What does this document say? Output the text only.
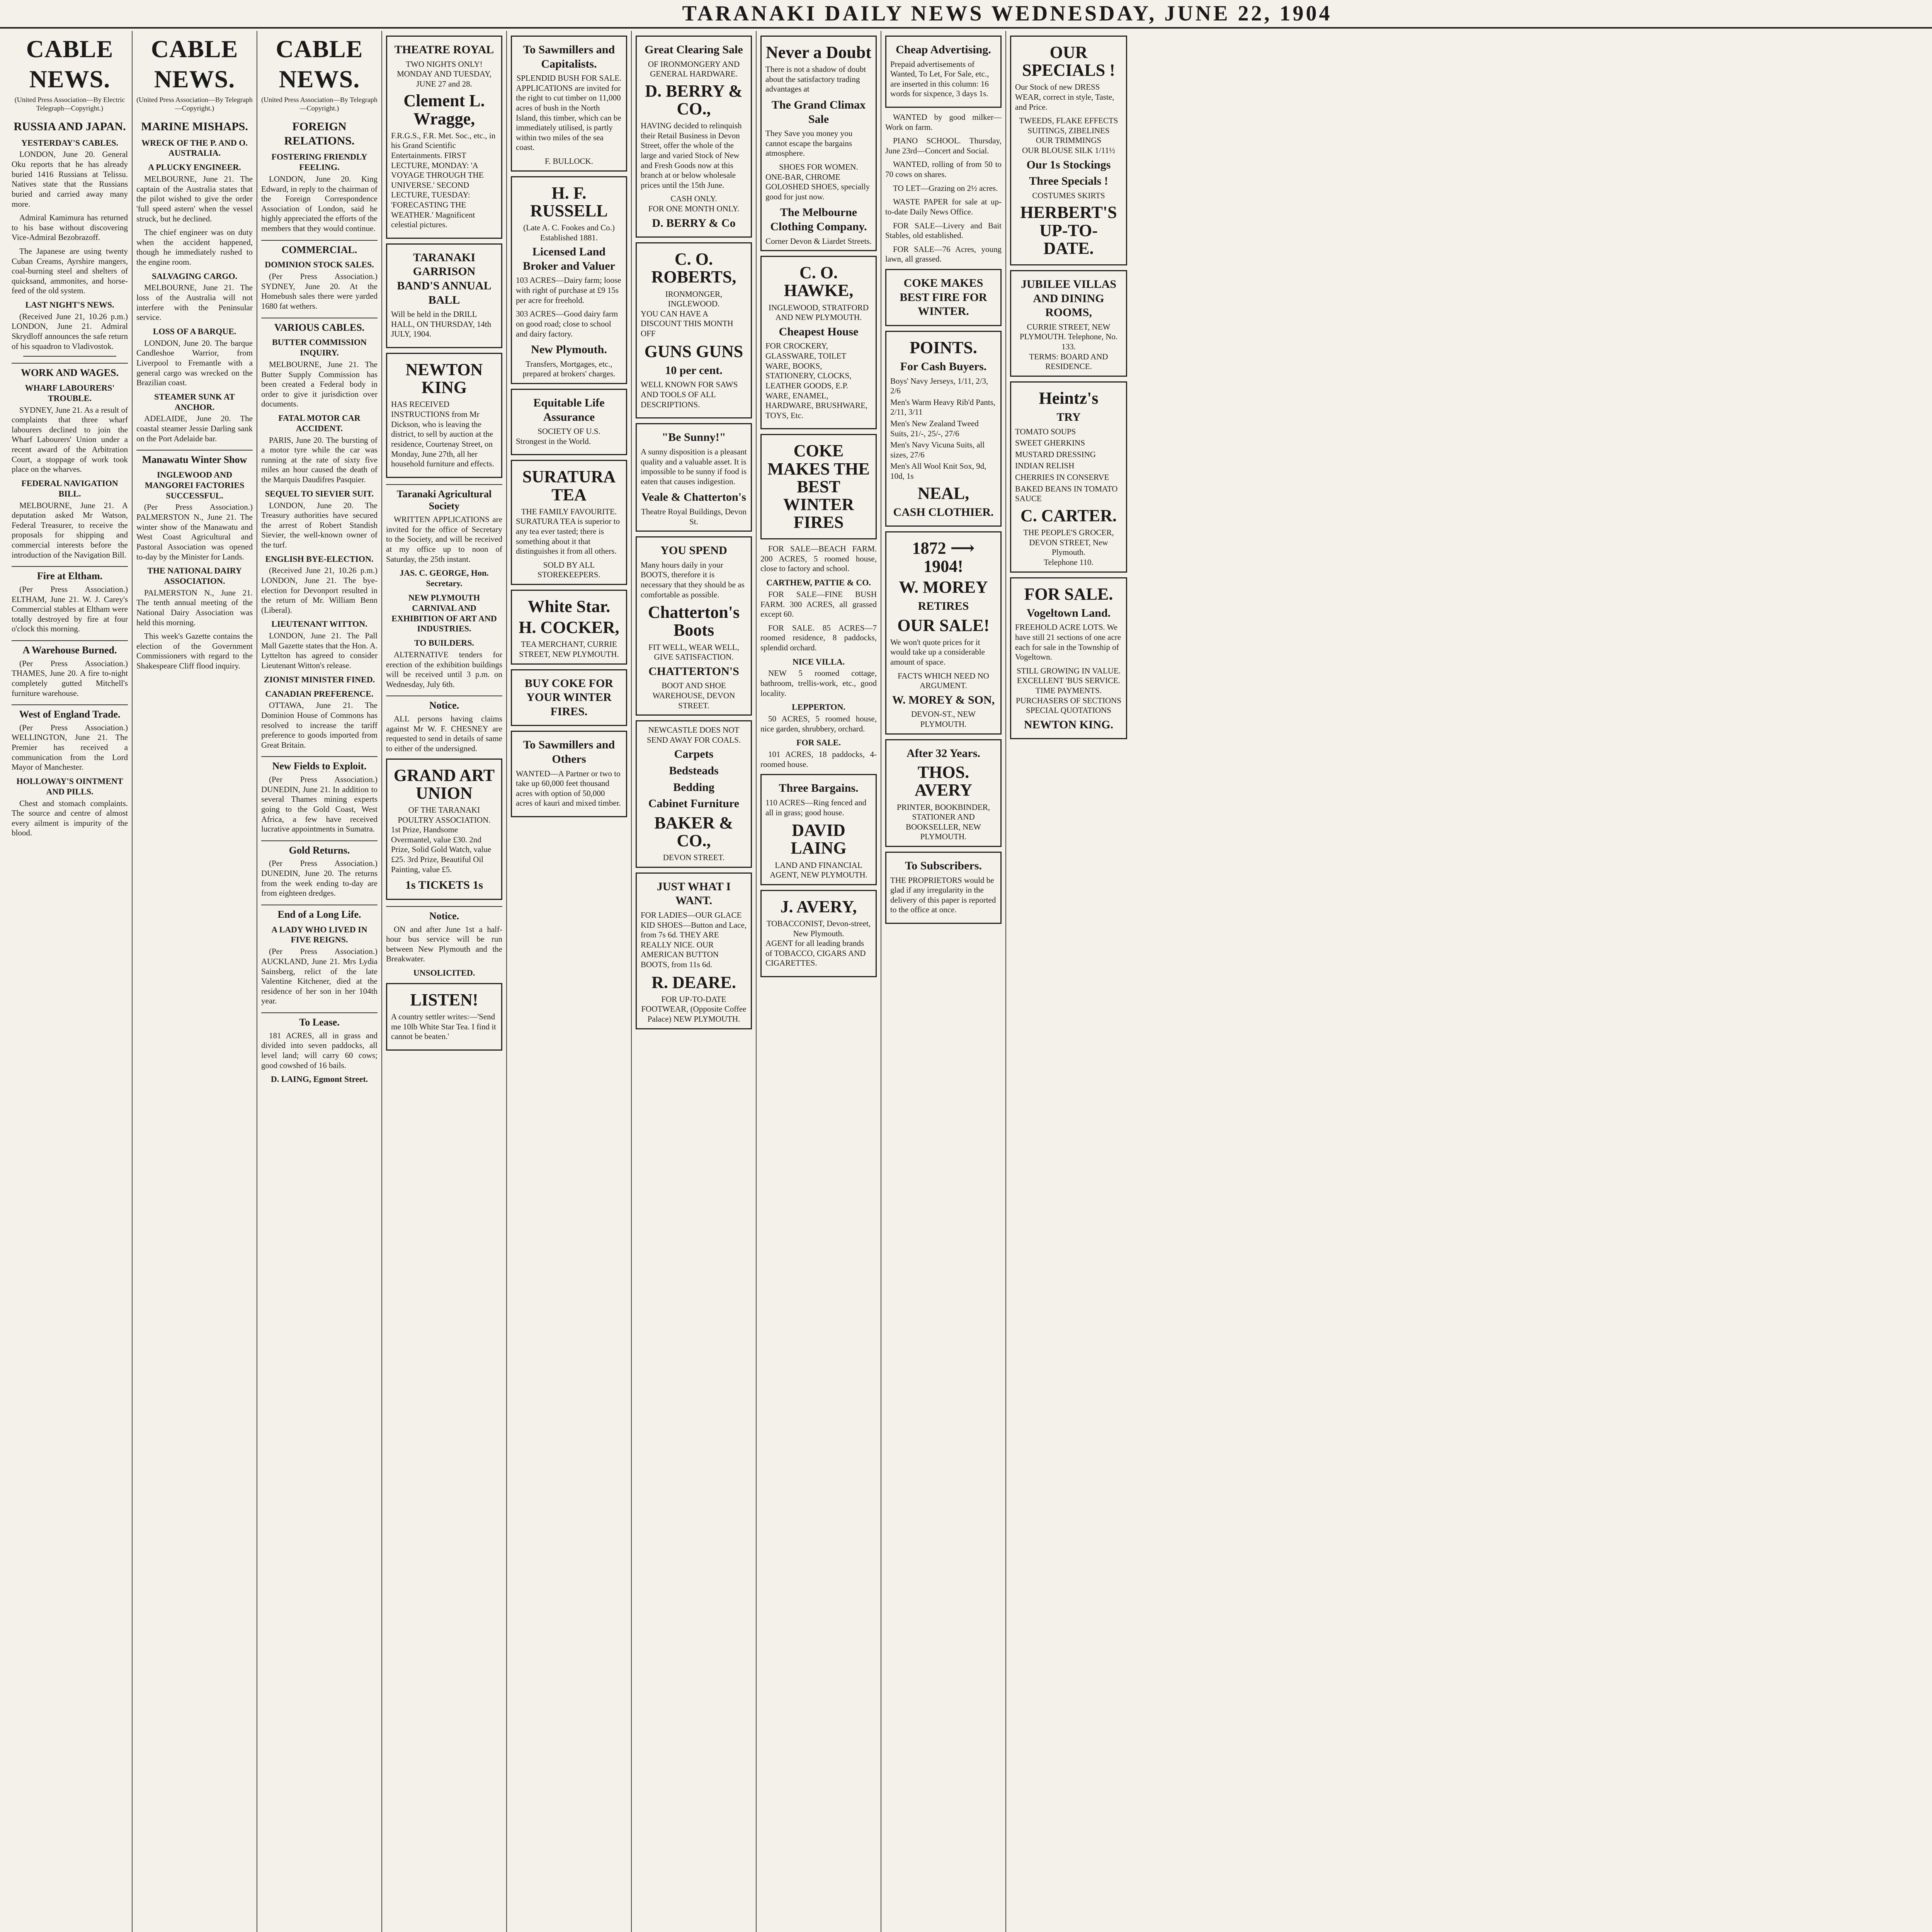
TARANAKI DAILY NEWS WEDNESDAY, JUNE 22, 1904
CABLE NEWS.
(United Press Association—By Electric Telegraph—Copyright.)
RUSSIA AND JAPAN.
YESTERDAY'S CABLES.

LONDON, June 20. General Oku reports that he has already buried 1416 Russians at Telissu. Natives state that the Russians buried and carried away many more.

Admiral Kamimura has returned to his base without discovering Vice-Admiral Bezobrazoff.

The Japanese are using twenty Cuban Creams, Ayrshire mangers, coal-burning steel and shelters of quicksand, ammonites, and horse-feed of the old system.

LAST NIGHT'S NEWS.

(Received June 21, 10.26 p.m.) LONDON, June 21. Admiral Skrydloff announces the safe return of his squadron to Vladivostok.

WORK AND WAGES.
WHARF LABOURERS' TROUBLE.

SYDNEY, June 21. As a result of complaints that three wharf labourers declined to join the Wharf Labourers' Union under a recent award of the Arbitration Court, a stoppage of work took place on the wharves.

FEDERAL NAVIGATION BILL.

MELBOURNE, June 21. A deputation asked Mr Watson, Federal Treasurer, to receive the proposals for shipping and commercial interests before the introduction of the Navigation Bill.

Fire at Eltham.

(Per Press Association.) ELTHAM, June 21. W. J. Carey's Commercial stables at Eltham were totally destroyed by fire at four o'clock this morning.

A Warehouse Burned.

(Per Press Association.) THAMES, June 20. A fire to-night completely gutted Mitchell's furniture warehouse.

West of England Trade.

(Per Press Association.) WELLINGTON, June 21. The Premier has received a communication from the Lord Mayor of Manchester.

HOLLOWAY'S OINTMENT AND PILLS.

Chest and stomach complaints. The source and centre of almost every ailment is impurity of the blood.

CABLE NEWS.
(United Press Association—By Telegraph—Copyright.)
MARINE MISHAPS.
WRECK OF THE P. AND O. AUSTRALIA.
A PLUCKY ENGINEER.

MELBOURNE, June 21. The captain of the Australia states that the pilot wished to give the order 'full speed astern' when the vessel struck, but he declined.

The chief engineer was on duty when the accident happened, though he immediately rushed to the engine room.

SALVAGING CARGO.

MELBOURNE, June 21. The loss of the Australia will not interfere with the Peninsular service.

LOSS OF A BARQUE.

LONDON, June 20. The barque Candleshoe Warrior, from Liverpool to Fremantle with a general cargo was wrecked on the Brazilian coast.

STEAMER SUNK AT ANCHOR.

ADELAIDE, June 20. The coastal steamer Jessie Darling sank on the Port Adelaide bar.

Manawatu Winter Show
INGLEWOOD AND MANGOREI FACTORIES SUCCESSFUL.

(Per Press Association.) PALMERSTON N., June 21. The winter show of the Manawatu and West Coast Agricultural and Pastoral Association was opened to-day by the Minister for Lands.

THE NATIONAL DAIRY ASSOCIATION.

PALMERSTON N., June 21. The tenth annual meeting of the National Dairy Association was held this morning.

This week's Gazette contains the election of the Government Commissioners with regard to the Shakespeare Cliff flood inquiry.

CABLE NEWS.
(United Press Association—By Telegraph—Copyright.)
FOREIGN RELATIONS.
FOSTERING FRIENDLY FEELING.

LONDON, June 20. King Edward, in reply to the chairman of the Foreign Correspondence Association of London, said he highly appreciated the efforts of the members that they would continue.

COMMERCIAL.
DOMINION STOCK SALES.

(Per Press Association.) SYDNEY, June 20. At the Homebush sales there were yarded 1680 fat wethers.

VARIOUS CABLES.
BUTTER COMMISSION INQUIRY.

MELBOURNE, June 21. The Butter Supply Commission has been created a Federal body in order to give it jurisdiction over documents.

FATAL MOTOR CAR ACCIDENT.

PARIS, June 20. The bursting of a motor tyre while the car was running at the rate of sixty five miles an hour caused the death of the Marquis Daudifres Pasquier.

SEQUEL TO SIEVIER SUIT.

LONDON, June 20. The Treasury authorities have secured the arrest of Robert Standish Sievier, the well-known owner of the turf.

ENGLISH BYE-ELECTION.

(Received June 21, 10.26 p.m.) LONDON, June 21. The bye-election for Devonport resulted in the return of Mr. William Benn (Liberal).

LIEUTENANT WITTON.

LONDON, June 21. The Pall Mall Gazette states that the Hon. A. Lyttelton has agreed to consider Lieutenant Witton's release.

ZIONIST MINISTER FINED.
CANADIAN PREFERENCE.

OTTAWA, June 21. The Dominion House of Commons has resolved to increase the tariff preference to goods imported from Great Britain.

New Fields to Exploit.

(Per Press Association.) DUNEDIN, June 21. In addition to several Thames mining experts going to the Gold Coast, West Africa, a few have received lucrative appointments in Sumatra.

Gold Returns.

(Per Press Association.) DUNEDIN, June 20. The returns from the week ending to-day are from eighteen dredges.

End of a Long Life.
A LADY WHO LIVED IN FIVE REIGNS.

(Per Press Association.) AUCKLAND, June 21. Mrs Lydia Sainsberg, relict of the late Valentine Kitchener, died at the residence of her son in her 104th year.

To Lease.

181 ACRES, all in grass and divided into seven paddocks, all level land; will carry 60 cows; good cowshed of 16 bails.

D. LAING, Egmont Street.
THEATRE ROYAL
TWO NIGHTS ONLY! MONDAY AND TUESDAY, JUNE 27 and 28.
Clement L. Wragge,

F.R.G.S., F.R. Met. Soc., etc., in his Grand Scientific Entertainments. FIRST LECTURE, MONDAY: 'A VOYAGE THROUGH THE UNIVERSE.' SECOND LECTURE, TUESDAY: 'FORECASTING THE WEATHER.' Magnificent celestial pictures.

TARANAKI GARRISON BAND'S ANNUAL BALL

Will be held in the DRILL HALL, ON THURSDAY, 14th JULY, 1904.

NEWTON KING

HAS RECEIVED INSTRUCTIONS from Mr Dickson, who is leaving the district, to sell by auction at the residence, Courtenay Street, on Monday, June 27th, all her household furniture and effects.

Taranaki Agricultural Society

WRITTEN APPLICATIONS are invited for the office of Secretary to the Society, and will be received at my office up to noon of Saturday, the 25th instant.

JAS. C. GEORGE, Hon. Secretary.
NEW PLYMOUTH CARNIVAL AND EXHIBITION OF ART AND INDUSTRIES.
TO BUILDERS.

ALTERNATIVE tenders for erection of the exhibition buildings will be received until 3 p.m. on Wednesday, July 6th.

Notice.

ALL persons having claims against Mr W. F. CHESNEY are requested to send in details of same to either of the undersigned.

GRAND ART UNION
OF THE TARANAKI POULTRY ASSOCIATION.

1st Prize, Handsome Overmantel, value £30. 2nd Prize, Solid Gold Watch, value £25. 3rd Prize, Beautiful Oil Painting, value £5.

1s TICKETS 1s
Notice.

ON and after June 1st a half-hour bus service will be run between New Plymouth and the Breakwater.

UNSOLICITED.
LISTEN!

A country settler writes:—'Send me 10lb White Star Tea. I find it cannot be beaten.'

To Sawmillers and Capitalists.
SPLENDID BUSH FOR SALE.

APPLICATIONS are invited for the right to cut timber on 11,000 acres of bush in the North Island, this timber, which can be immediately utilised, is partly within two miles of the sea coast.

F. BULLOCK.
H. F. RUSSELL
(Late A. C. Fookes and Co.) Established 1881.
Licensed Land Broker and Valuer

103 ACRES—Dairy farm; loose with right of purchase at £9 15s per acre for freehold.

303 ACRES—Good dairy farm on good road; close to school and dairy factory.

New Plymouth.
Transfers, Mortgages, etc., prepared at brokers' charges.
Equitable Life Assurance
SOCIETY OF U.S.

Strongest in the World.

SURATURA TEA
THE FAMILY FAVOURITE.

SURATURA TEA is superior to any tea ever tasted; there is something about it that distinguishes it from all others.

SOLD BY ALL STOREKEEPERS.
White Star.
H. COCKER,
TEA MERCHANT, CURRIE STREET, NEW PLYMOUTH.
BUY COKE FOR YOUR WINTER FIRES.
To Sawmillers and Others

WANTED—A Partner or two to take up 60,000 feet thousand acres with option of 50,000 acres of kauri and mixed timber.

Great Clearing Sale
OF IRONMONGERY AND GENERAL HARDWARE.
D. BERRY & CO.,

HAVING decided to relinquish their Retail Business in Devon Street, offer the whole of the large and varied Stock of New and Fresh Goods now at this branch at or below wholesale prices until the 15th June.

CASH ONLY.
FOR ONE MONTH ONLY.
D. BERRY & Co
C. O. ROBERTS,
IRONMONGER, INGLEWOOD.

YOU CAN HAVE A DISCOUNT THIS MONTH OFF

GUNS GUNS
10 per cent.

WELL KNOWN FOR SAWS AND TOOLS OF ALL DESCRIPTIONS.

"Be Sunny!"

A sunny disposition is a pleasant quality and a valuable asset. It is impossible to be sunny if food is eaten that causes indigestion.

Veale & Chatterton's
Theatre Royal Buildings, Devon St.
YOU SPEND

Many hours daily in your BOOTS, therefore it is necessary that they should be as comfortable as possible.

Chatterton's Boots
FIT WELL, WEAR WELL, GIVE SATISFACTION.
CHATTERTON'S
BOOT AND SHOE WAREHOUSE, DEVON STREET.
NEWCASTLE DOES NOT SEND AWAY FOR COALS.
Carpets
Bedsteads
Bedding
Cabinet Furniture
BAKER & CO.,
DEVON STREET.
JUST WHAT I WANT.

FOR LADIES—OUR GLACE KID SHOES—Button and Lace, from 7s 6d. THEY ARE REALLY NICE. OUR AMERICAN BUTTON BOOTS, from 11s 6d.

R. DEARE.
FOR UP-TO-DATE FOOTWEAR, (Opposite Coffee Palace) NEW PLYMOUTH.
Never a Doubt

There is not a shadow of doubt about the satisfactory trading advantages at

The Grand Climax Sale

They Save you money you cannot escape the bargains atmosphere.

SHOES FOR WOMEN.

ONE-BAR, CHROME GOLOSHED SHOES, specially good for just now.

The Melbourne Clothing Company.
Corner Devon & Liardet Streets.
C. O. HAWKE,
INGLEWOOD, STRATFORD AND NEW PLYMOUTH.
Cheapest House

FOR CROCKERY, GLASSWARE, TOILET WARE, BOOKS, STATIONERY, CLOCKS, LEATHER GOODS, E.P. WARE, ENAMEL, HARDWARE, BRUSHWARE, TOYS, Etc.

COKE MAKES THE BEST WINTER FIRES

FOR SALE—BEACH FARM. 200 ACRES, 5 roomed house, close to factory and school.

CARTHEW, PATTIE & CO.

FOR SALE—FINE BUSH FARM. 300 ACRES, all grassed except 60.

FOR SALE. 85 ACRES—7 roomed residence, 8 paddocks, splendid orchard.

NICE VILLA.

NEW 5 roomed cottage, bathroom, trellis-work, etc., good locality.

LEPPERTON.

50 ACRES, 5 roomed house, nice garden, shrubbery, orchard.

FOR SALE.

101 ACRES, 18 paddocks, 4-roomed house.

Three Bargains.

110 ACRES—Ring fenced and all in grass; good house.

DAVID LAING
LAND AND FINANCIAL AGENT, NEW PLYMOUTH.
J. AVERY,
TOBACCONIST, Devon-street, New Plymouth.

AGENT for all leading brands of TOBACCO, CIGARS AND CIGARETTES.

Cheap Advertising.

Prepaid advertisements of Wanted, To Let, For Sale, etc., are inserted in this column: 16 words for sixpence, 3 days 1s.

WANTED by good milker—Work on farm.

PIANO SCHOOL. Thursday, June 23rd—Concert and Social.

WANTED, rolling of from 50 to 70 cows on shares.

TO LET—Grazing on 2½ acres.

WASTE PAPER for sale at up-to-date Daily News Office.

FOR SALE—Livery and Bait Stables, old established.

FOR SALE—76 Acres, young lawn, all grassed.

COKE MAKES BEST FIRE FOR WINTER.
POINTS.
For Cash Buyers.
Boys' Navy Jerseys, 1/11, 2/3, 2/6
Men's Warm Heavy Rib'd Pants, 2/11, 3/11
Men's New Zealand Tweed Suits, 21/-, 25/-, 27/6
Men's Navy Vicuna Suits, all sizes, 27/6
Men's All Wool Knit Sox, 9d, 10d, 1s
NEAL,
CASH CLOTHIER.
1872 ⟶ 1904!
W. MOREY
RETIRES
OUR SALE!

We won't quote prices for it would take up a considerable amount of space.

FACTS WHICH NEED NO ARGUMENT.
W. MOREY & SON,
DEVON-ST., NEW PLYMOUTH.
After 32 Years.
THOS. AVERY
PRINTER, BOOKBINDER, STATIONER AND BOOKSELLER, NEW PLYMOUTH.
To Subscribers.

THE PROPRIETORS would be glad if any irregularity in the delivery of this paper is reported to the office at once.

OUR SPECIALS !

Our Stock of new DRESS WEAR, correct in style, Taste, and Price.

TWEEDS, FLAKE EFFECTS SUITINGS, ZIBELINES
OUR TRIMMINGS
OUR BLOUSE SILK 1/11½
Our 1s Stockings
Three Specials !
COSTUMES SKIRTS
HERBERT'S UP-TO-DATE.
JUBILEE VILLAS AND DINING ROOMS,
CURRIE STREET, NEW PLYMOUTH. Telephone, No. 133.
TERMS: BOARD AND RESIDENCE.
Heintz's
TRY
TOMATO SOUPS
SWEET GHERKINS
MUSTARD DRESSING
INDIAN RELISH
CHERRIES IN CONSERVE
BAKED BEANS IN TOMATO SAUCE
C. CARTER.
THE PEOPLE'S GROCER, DEVON STREET, New Plymouth.
Telephone 110.
FOR SALE.
Vogeltown Land.

FREEHOLD ACRE LOTS. We have still 21 sections of one acre each for sale in the Township of Vogeltown.

STILL GROWING IN VALUE.
EXCELLENT 'BUS SERVICE.
TIME PAYMENTS.
PURCHASERS OF SECTIONS
SPECIAL QUOTATIONS
NEWTON KING.
